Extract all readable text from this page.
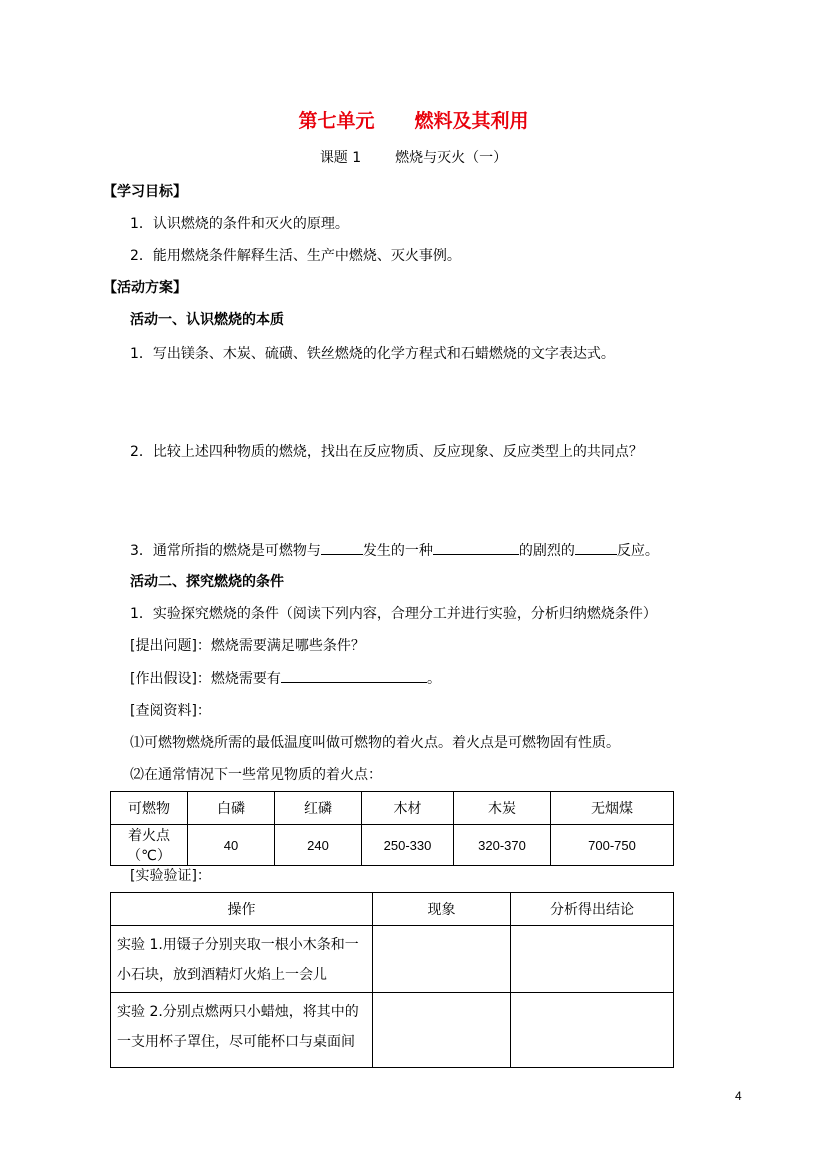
第七单元 燃料及其利用
课题 1 燃烧与灭火（一）
【学习目标】
1．认识燃烧的条件和灭火的原理。
2．能用燃烧条件解释生活、生产中燃烧、灭火事例。
【活动方案】
活动一、认识燃烧的本质
1．写出镁条、木炭、硫磺、铁丝燃烧的化学方程式和石蜡燃烧的文字表达式。
2．比较上述四种物质的燃烧，找出在反应物质、反应现象、反应类型上的共同点？
3．通常所指的燃烧是可燃物与	发生的一种	的剧烈的	反应。
活动二、探究燃烧的条件
1．实验探究燃烧的条件（阅读下列内容，合理分工并进行实验，分析归纳燃烧条件）
[提出问题]：燃烧需要满足哪些条件？
[作出假设]：燃烧需要有	。
[查阅资料]：
⑴可燃物燃烧所需的最低温度叫做可燃物的着火点。着火点是可燃物固有性质。
⑵在通常情况下一些常见物质的着火点：
可燃物	白磷	红磷	木材	木炭	无烟煤
着火点（℃）	40	240	250-330	320-370	700-750
[实验验证]：
操作	现象	分析得出结论
实验 1.用镊子分别夹取一根小木条和一小石块，放到酒精灯火焰上一会儿		
实验 2.分别点燃两只小蜡烛，将其中的一支用杯子罩住，尽可能杯口与桌面间		
4
